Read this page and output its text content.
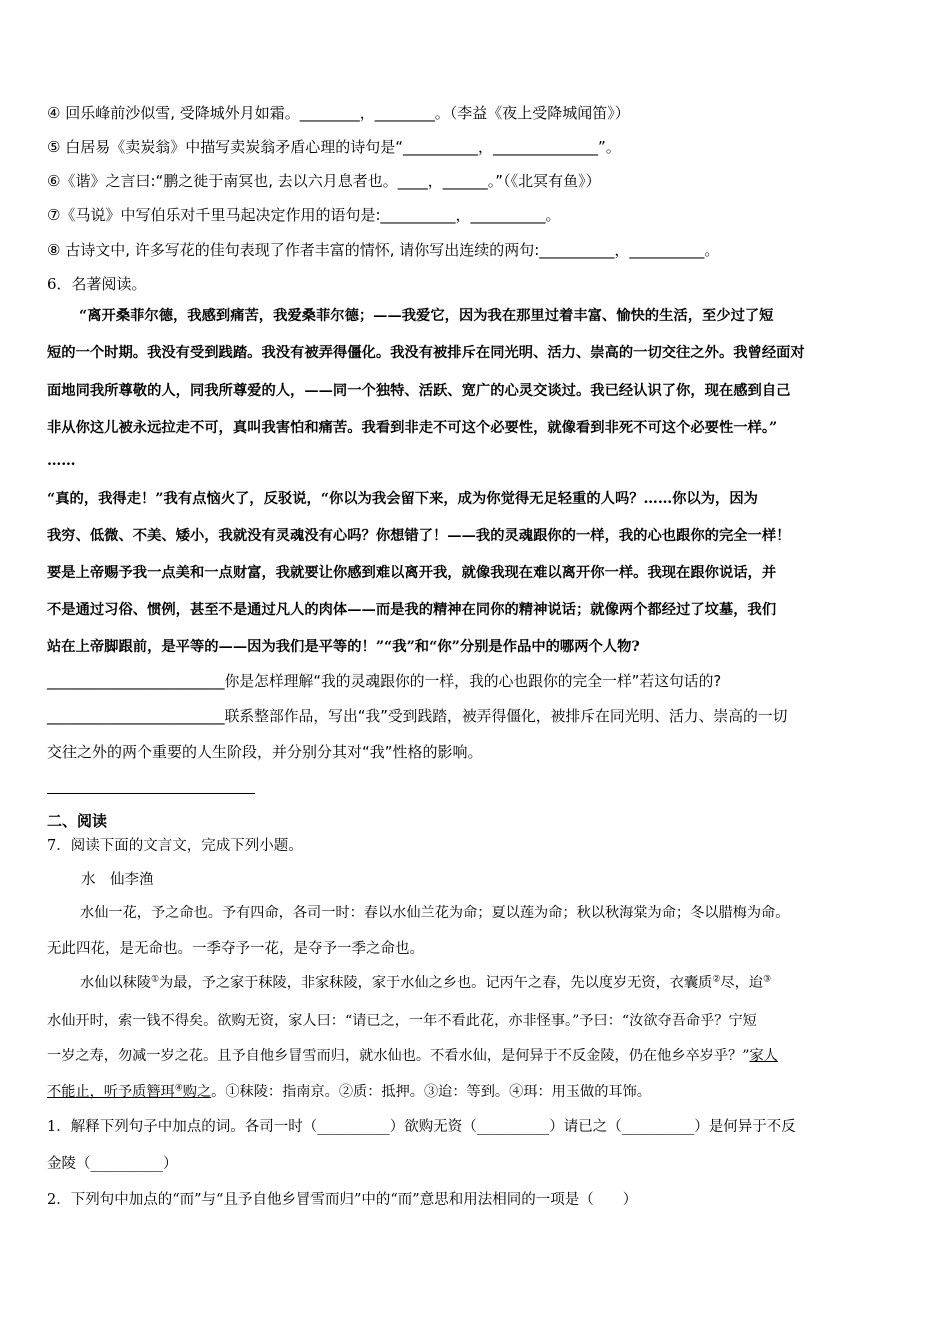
④ 回乐峰前沙似雪, 受降城外月如霜。________，________。（李益《夜上受降城闻笛》）
⑤ 白居易《卖炭翁》中描写卖炭翁矛盾心理的诗句是“__________，______________”。
⑥《谐》之言曰:“鹏之徙于南冥也, 去以六月息者也。____，______。”（《北冥有鱼》）
⑦《马说》中写伯乐对千里马起决定作用的语句是:__________，__________。
⑧ 古诗文中, 许多写花的佳句表现了作者丰富的情怀, 请你写出连续的两句:__________，__________。
6．名著阅读。
“离开桑菲尔德，我感到痛苦，我爱桑菲尔德；——我爱它，因为我在那里过着丰富、愉快的生活，至少过了短
短的一个时期。我没有受到践踏。我没有被弄得僵化。我没有被排斥在同光明、活力、崇高的一切交往之外。我曾经面对
面地同我所尊敬的人，同我所尊爱的人，——同一个独特、活跃、宽广的心灵交谈过。我已经认识了你，现在感到自己
非从你这儿被永远拉走不可，真叫我害怕和痛苦。我看到非走不可这个必要性，就像看到非死不可这个必要性一样。”
……
“真的，我得走！”我有点恼火了，反驳说，“你以为我会留下来，成为你觉得无足轻重的人吗？……你以为，因为
我穷、低微、不美、矮小，我就没有灵魂没有心吗？你想错了！——我的灵魂跟你的一样，我的心也跟你的完全一样！
要是上帝赐予我一点美和一点财富，我就要让你感到难以离开我，就像我现在难以离开你一样。我现在跟你说话，并
不是通过习俗、惯例，甚至不是通过凡人的肉体——而是我的精神在同你的精神说话；就像两个都经过了坟墓，我们
站在上帝脚跟前，是平等的——因为我们是平等的！”“我”和“你”分别是作品中的哪两个人物?
________________________你是怎样理解“我的灵魂跟你的一样，我的心也跟你的完全一样”若这句话的?
________________________联系整部作品，写出“我”受到践踏，被弄得僵化，被排斥在同光明、活力、崇高的一切
交往之外的两个重要的人生阶段，并分别分其对“我”性格的影响。
二、阅读
7．阅读下面的文言文，完成下列小题。
水　仙李渔
水仙一花，予之命也。予有四命，各司一时：春以水仙兰花为命；夏以莲为命；秋以秋海棠为命；冬以腊梅为命。
无此四花，是无命也。一季夺予一花，是夺予一季之命也。
水仙以秣陵①为最，予之家于秣陵，非家秣陵，家于水仙之乡也。记丙午之春，先以度岁无资，衣囊质②尽，迨③
水仙开时，索一钱不得矣。欲购无资，家人曰：“请已之，一年不看此花，亦非怪事。”予曰：“汝欲夺吾命乎？宁短
一岁之寿，勿减一岁之花。且予自他乡冒雪而归，就水仙也。不看水仙，是何异于不反金陵，仍在他乡卒岁乎？”家人
不能止，听予质簪珥④购之。①秣陵：指南京。②质：抵押。③迨：等到。④珥：用玉做的耳饰。
1．解释下列句子中加点的词。各司一时（__________）欲购无资（__________）请已之（__________）是何异于不反
金陵（__________）
2．下列句中加点的“而”与“且予自他乡冒雪而归”中的“而”意思和用法相同的一项是（　　）
